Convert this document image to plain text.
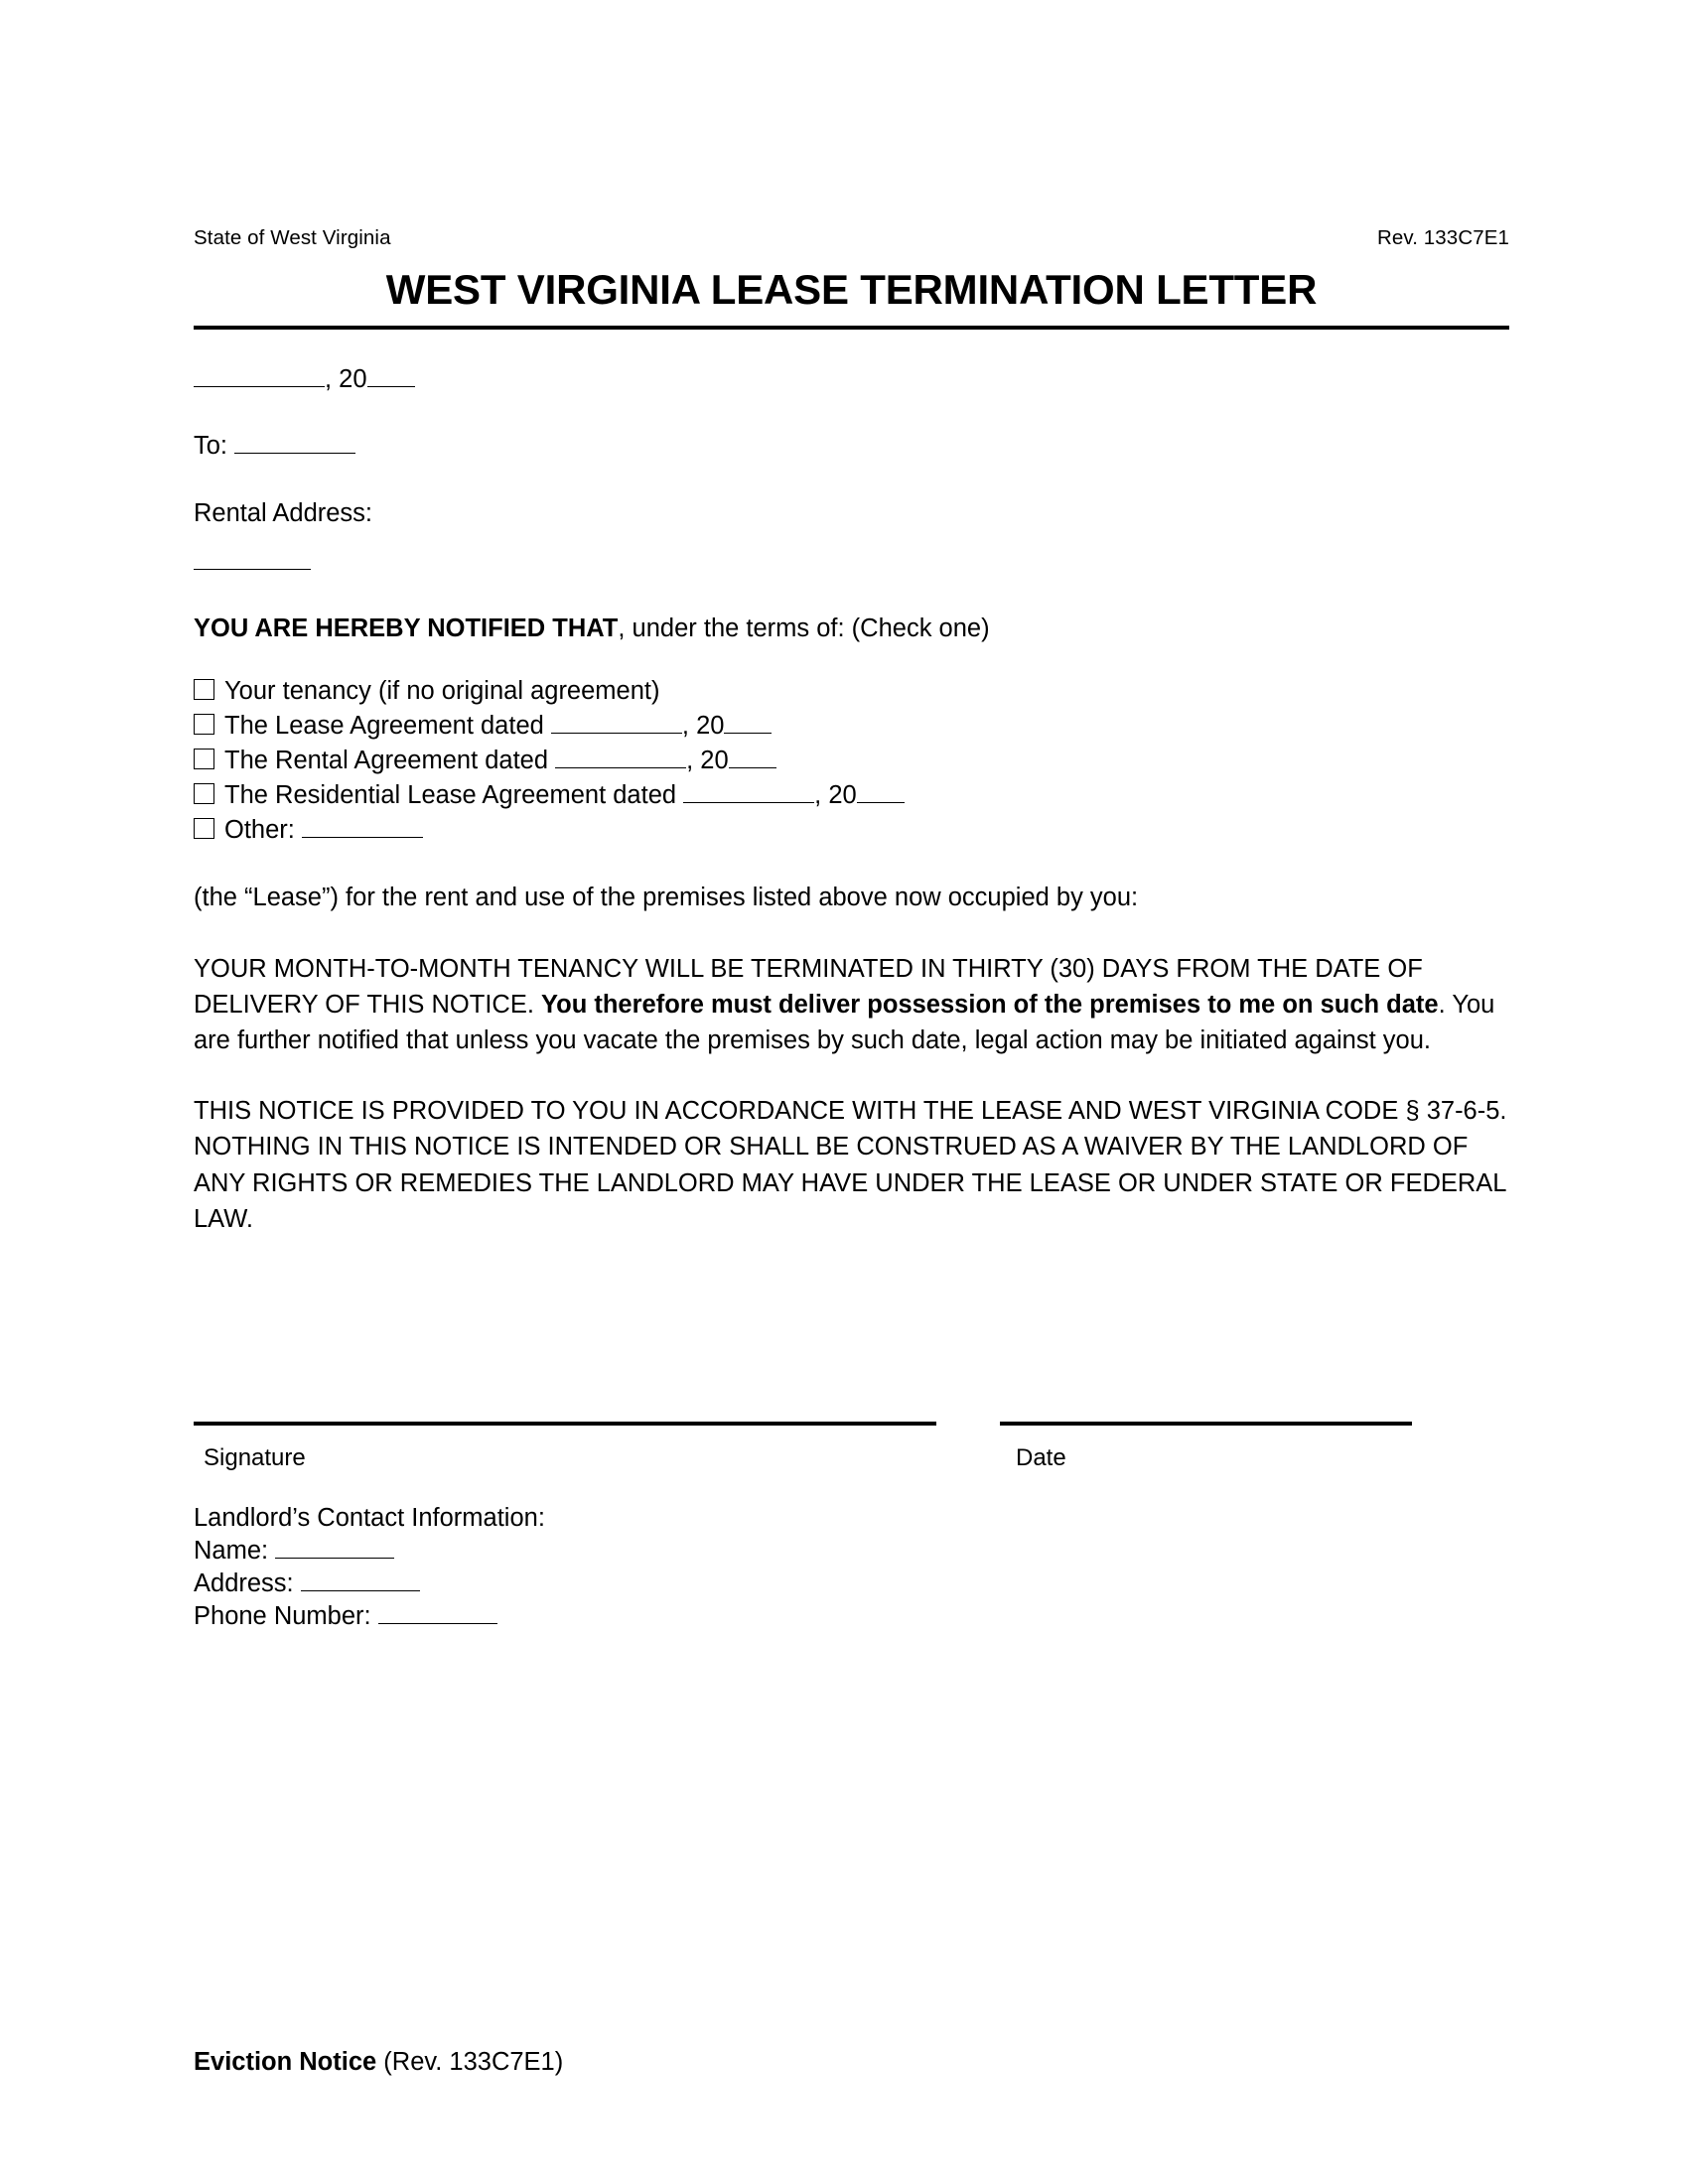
State of West Virginia	Rev. 133C7E1
WEST VIRGINIA LEASE TERMINATION LETTER
, 20
To:
Rental Address:
YOU ARE HEREBY NOTIFIED THAT, under the terms of: (Check one)
Your tenancy (if no original agreement)
The Lease Agreement dated	, 20
The Rental Agreement dated	, 20
The Residential Lease Agreement dated	, 20
Other:
(the “Lease”) for the rent and use of the premises listed above now occupied by you:
YOUR MONTH-TO-MONTH TENANCY WILL BE TERMINATED IN THIRTY (30) DAYS FROM THE DATE OF DELIVERY OF THIS NOTICE. You therefore must deliver possession of the premises to me on such date. You are further notified that unless you vacate the premises by such date, legal action may be initiated against you.
THIS NOTICE IS PROVIDED TO YOU IN ACCORDANCE WITH THE LEASE AND WEST VIRGINIA CODE § 37-6-5. NOTHING IN THIS NOTICE IS INTENDED OR SHALL BE CONSTRUED AS A WAIVER BY THE LANDLORD OF ANY RIGHTS OR REMEDIES THE LANDLORD MAY HAVE UNDER THE LEASE OR UNDER STATE OR FEDERAL LAW.
Signature	Date
Landlord’s Contact Information:
Name:
Address:
Phone Number:
Eviction Notice (Rev. 133C7E1)
